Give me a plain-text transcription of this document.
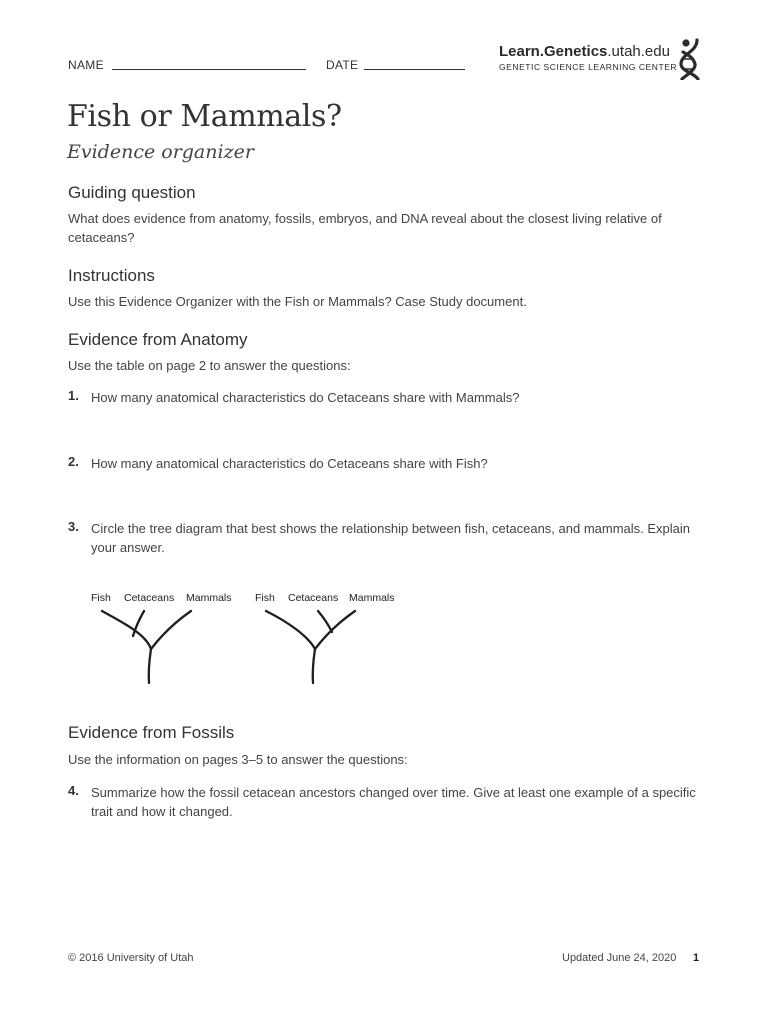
NAME	DATE
Learn.Genetics.utah.edu
GENETIC SCIENCE LEARNING CENTER
Fish or Mammals?
Evidence organizer
Guiding question
What does evidence from anatomy, fossils, embryos, and DNA reveal about the closest living relative of cetaceans?
Instructions
Use this Evidence Organizer with the Fish or Mammals? Case Study document.
Evidence from Anatomy
Use the table on page 2 to answer the questions:
1. How many anatomical characteristics do Cetaceans share with Mammals?
2. How many anatomical characteristics do Cetaceans share with Fish?
3. Circle the tree diagram that best shows the relationship between fish, cetaceans, and mammals. Explain your answer.
Fish Cetaceans Mammals Fish Cetaceans Mammals
Evidence from Fossils
Use the information on pages 3–5 to answer the questions:
4. Summarize how the fossil cetacean ancestors changed over time. Give at least one example of a specific trait and how it changed.
© 2016 University of Utah	Updated June 24, 2020 1
